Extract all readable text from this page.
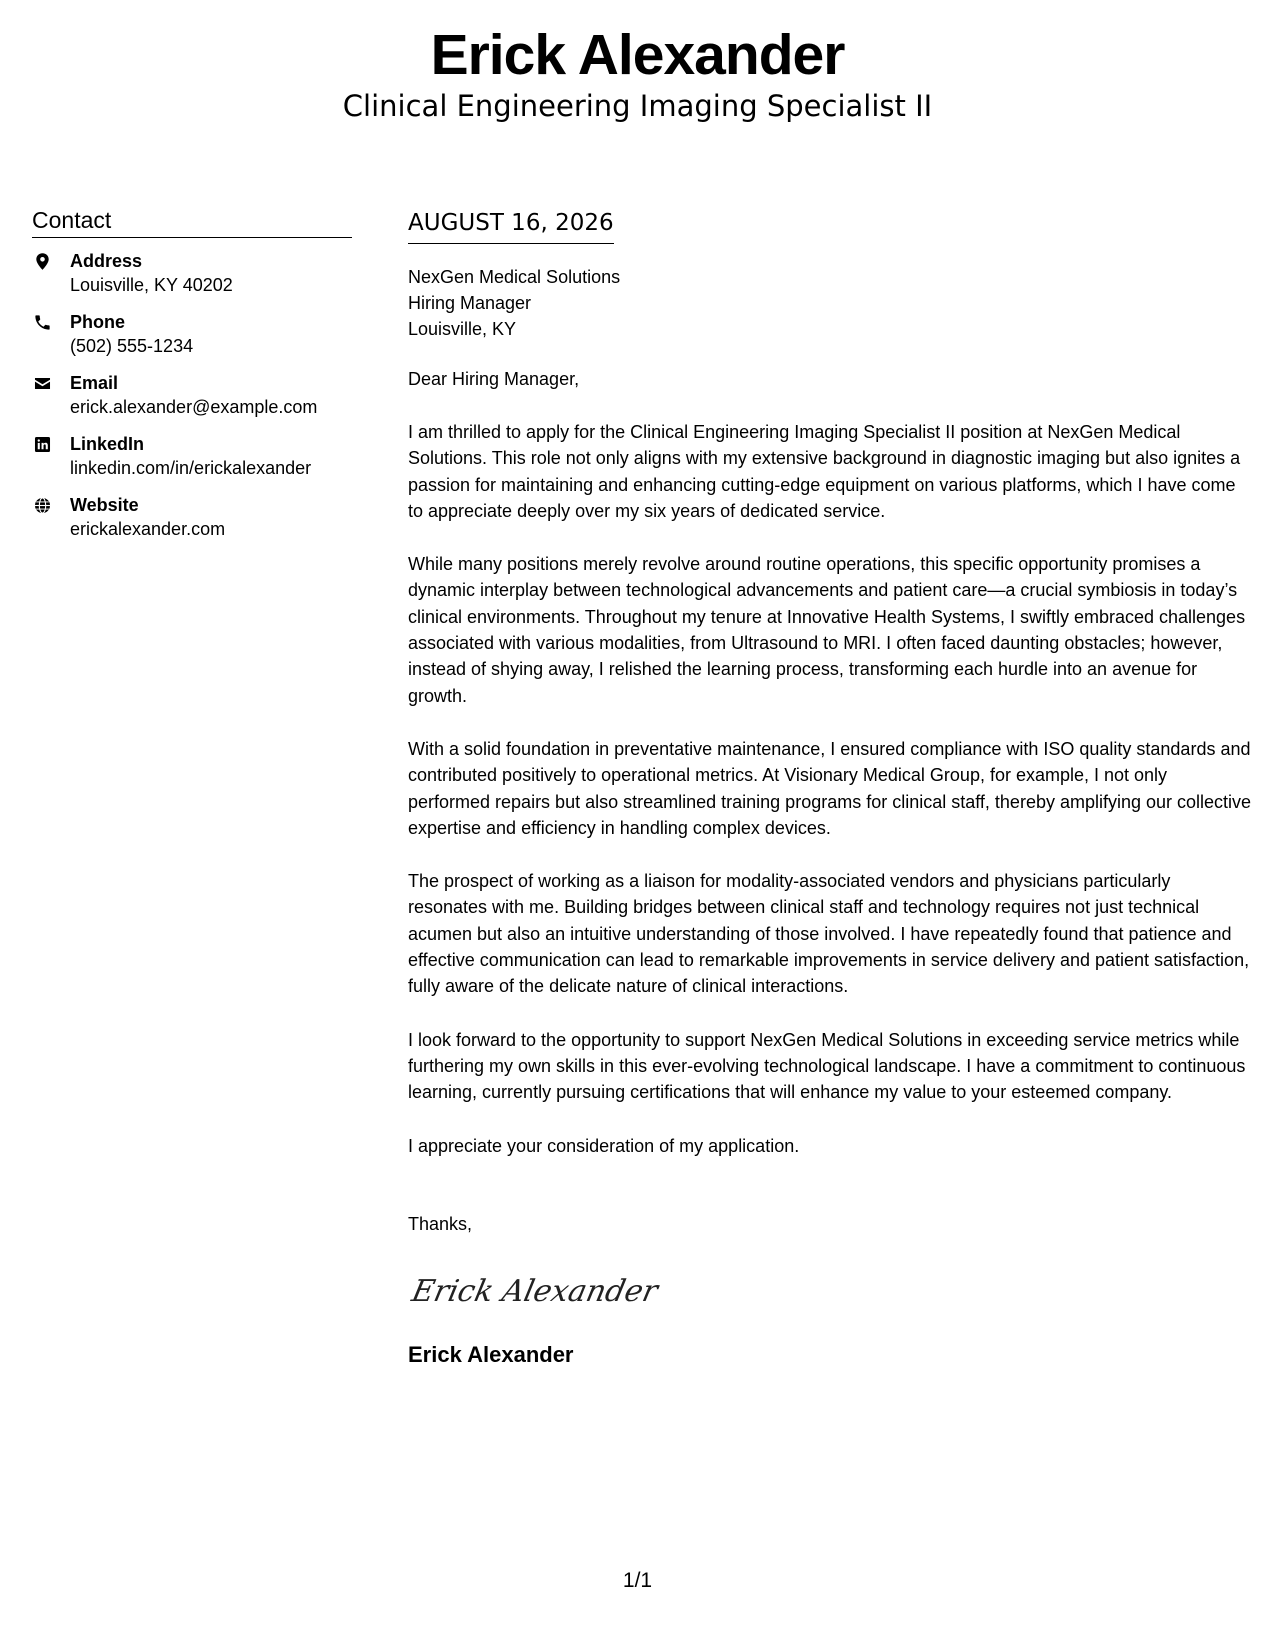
Erick Alexander
Clinical Engineering Imaging Specialist II
Contact
Address
Louisville, KY 40202
Phone
(502) 555-1234
Email
erick.alexander@example.com
LinkedIn
linkedin.com/in/erickalexander
Website
erickalexander.com
AUGUST 16, 2026
NexGen Medical Solutions
Hiring Manager
Louisville, KY
Dear Hiring Manager,
I am thrilled to apply for the Clinical Engineering Imaging Specialist II position at NexGen Medical Solutions. This role not only aligns with my extensive background in diagnostic imaging but also ignites a passion for maintaining and enhancing cutting-edge equipment on various platforms, which I have come to appreciate deeply over my six years of dedicated service.
While many positions merely revolve around routine operations, this specific opportunity promises a dynamic interplay between technological advancements and patient care—a crucial symbiosis in today’s clinical environments. Throughout my tenure at Innovative Health Systems, I swiftly embraced challenges associated with various modalities, from Ultrasound to MRI. I often faced daunting obstacles; however, instead of shying away, I relished the learning process, transforming each hurdle into an avenue for growth.
With a solid foundation in preventative maintenance, I ensured compliance with ISO quality standards and contributed positively to operational metrics. At Visionary Medical Group, for example, I not only performed repairs but also streamlined training programs for clinical staff, thereby amplifying our collective expertise and efficiency in handling complex devices.
The prospect of working as a liaison for modality-associated vendors and physicians particularly resonates with me. Building bridges between clinical staff and technology requires not just technical acumen but also an intuitive understanding of those involved. I have repeatedly found that patience and effective communication can lead to remarkable improvements in service delivery and patient satisfaction, fully aware of the delicate nature of clinical interactions.
I look forward to the opportunity to support NexGen Medical Solutions in exceeding service metrics while furthering my own skills in this ever-evolving technological landscape. I have a commitment to continuous learning, currently pursuing certifications that will enhance my value to your esteemed company.
I appreciate your consideration of my application.
Thanks,
Erick Alexander
Erick Alexander
1/1
